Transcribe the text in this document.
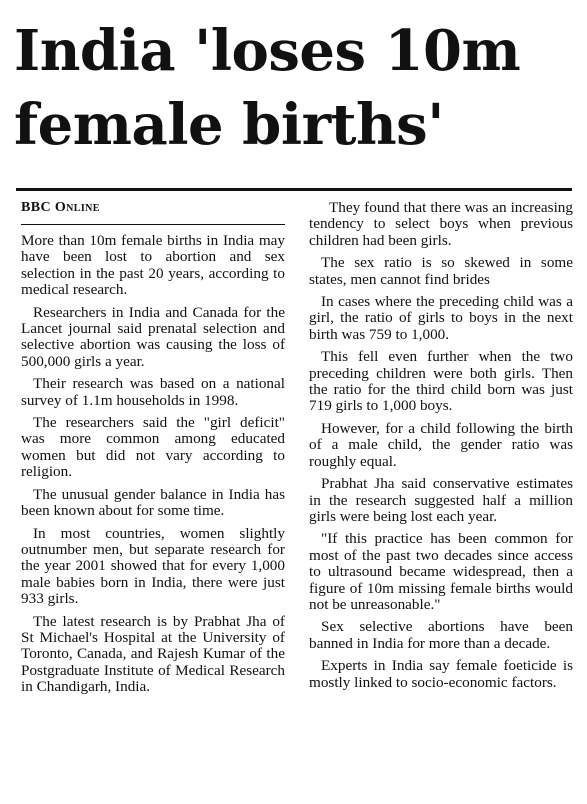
India 'loses 10m
female births'
BBC Online

More than 10m female births in India may have been lost to abortion and sex selection in the past 20 years, according to medical research.

Researchers in India and Canada for the Lancet journal said prenatal selection and selective abortion was causing the loss of 500,000 girls a year.

Their research was based on a national survey of 1.1m households in 1998.

The researchers said the "girl deficit" was more common among educated women but did not vary according to religion.

The unusual gender balance in India has been known about for some time.

In most countries, women slightly outnumber men, but separate research for the year 2001 showed that for every 1,000 male babies born in India, there were just 933 girls.

The latest research is by Prabhat Jha of St Michael's Hospital at the University of Toronto, Canada, and Rajesh Kumar of the Postgraduate Institute of Medical Research in Chandigarh, India.

They found that there was an increasing tendency to select boys when previous children had been girls.

The sex ratio is so skewed in some states, men cannot find brides

In cases where the preceding child was a girl, the ratio of girls to boys in the next birth was 759 to 1,000.

This fell even further when the two preceding children were both girls. Then the ratio for the third child born was just 719 girls to 1,000 boys.

However, for a child following the birth of a male child, the gender ratio was roughly equal.

Prabhat Jha said conservative estimates in the research suggested half a million girls were being lost each year.

"If this practice has been common for most of the past two decades since access to ultrasound became widespread, then a figure of 10m missing female births would not be unreasonable."

Sex selective abortions have been banned in India for more than a decade.

Experts in India say female foeticide is mostly linked to socio-economic factors.
